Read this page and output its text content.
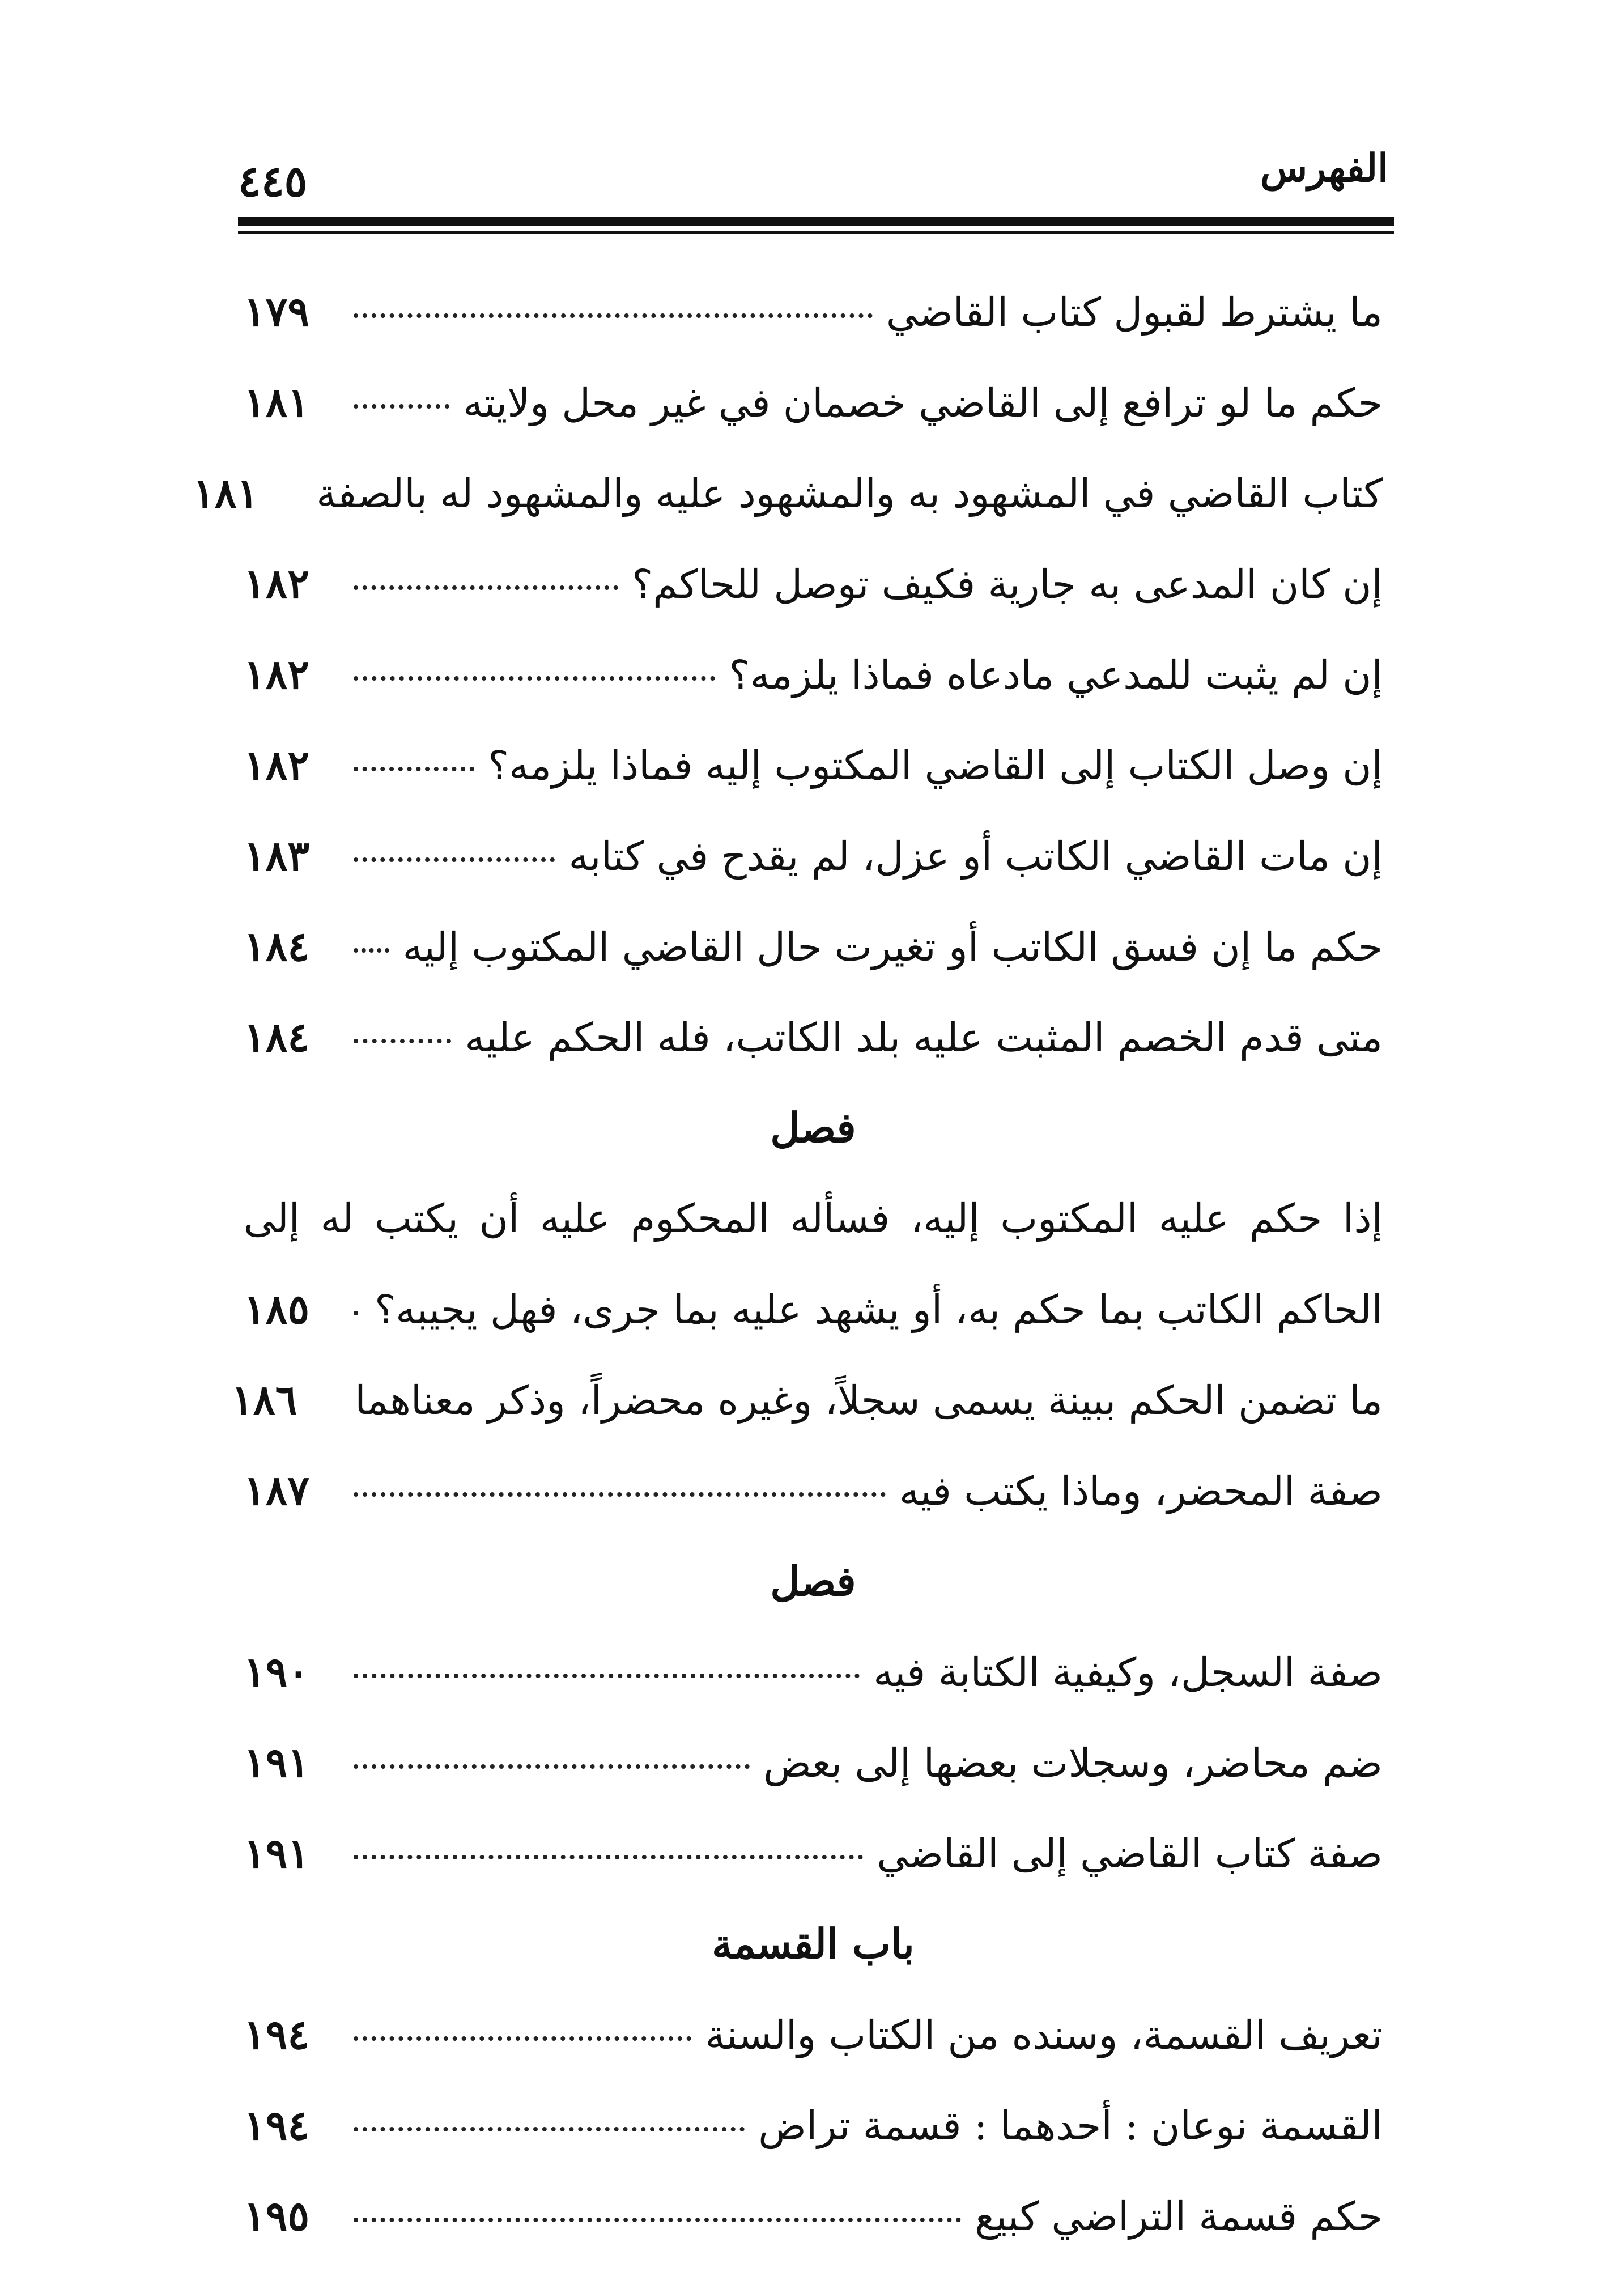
الفهرس
٤٤٥
ما يشترط لقبول كتاب القاضي
١٧٩
حكم ما لو ترافع إلى القاضي خصمان في غير محل ولايته
١٨١
كتاب القاضي في المشهود به والمشهود عليه والمشهود له بالصفة
١٨١
إن كان المدعى به جارية فكيف توصل للحاكم؟
١٨٢
إن لم يثبت للمدعي مادعاه فماذا يلزمه؟
١٨٢
إن وصل الكتاب إلى القاضي المكتوب إليه فماذا يلزمه؟
١٨٢
إن مات القاضي الكاتب أو عزل، لم يقدح في كتابه
١٨٣
حكم ما إن فسق الكاتب أو تغيرت حال القاضي المكتوب إليه
١٨٤
متى قدم الخصم المثبت عليه بلد الكاتب، فله الحكم عليه
١٨٤
فصل
إذا حكم عليه المكتوب إليه، فسأله المحكوم عليه أن يكتب له إلى
الحاكم الكاتب بما حكم به، أو يشهد عليه بما جرى، فهل يجيبه؟
١٨٥
ما تضمن الحكم ببينة يسمى سجلاً، وغيره محضراً، وذكر معناهما
١٨٦
صفة المحضر، وماذا يكتب فيه
١٨٧
فصل
صفة السجل، وكيفية الكتابة فيه
١٩٠
ضم محاضر، وسجلات بعضها إلى بعض
١٩١
صفة كتاب القاضي إلى القاضي
١٩١
باب القسمة
تعريف القسمة، وسنده من الكتاب والسنة
١٩٤
القسمة نوعان : أحدهما : قسمة تراض
١٩٤
حكم قسمة التراضي كبيع
١٩٥
